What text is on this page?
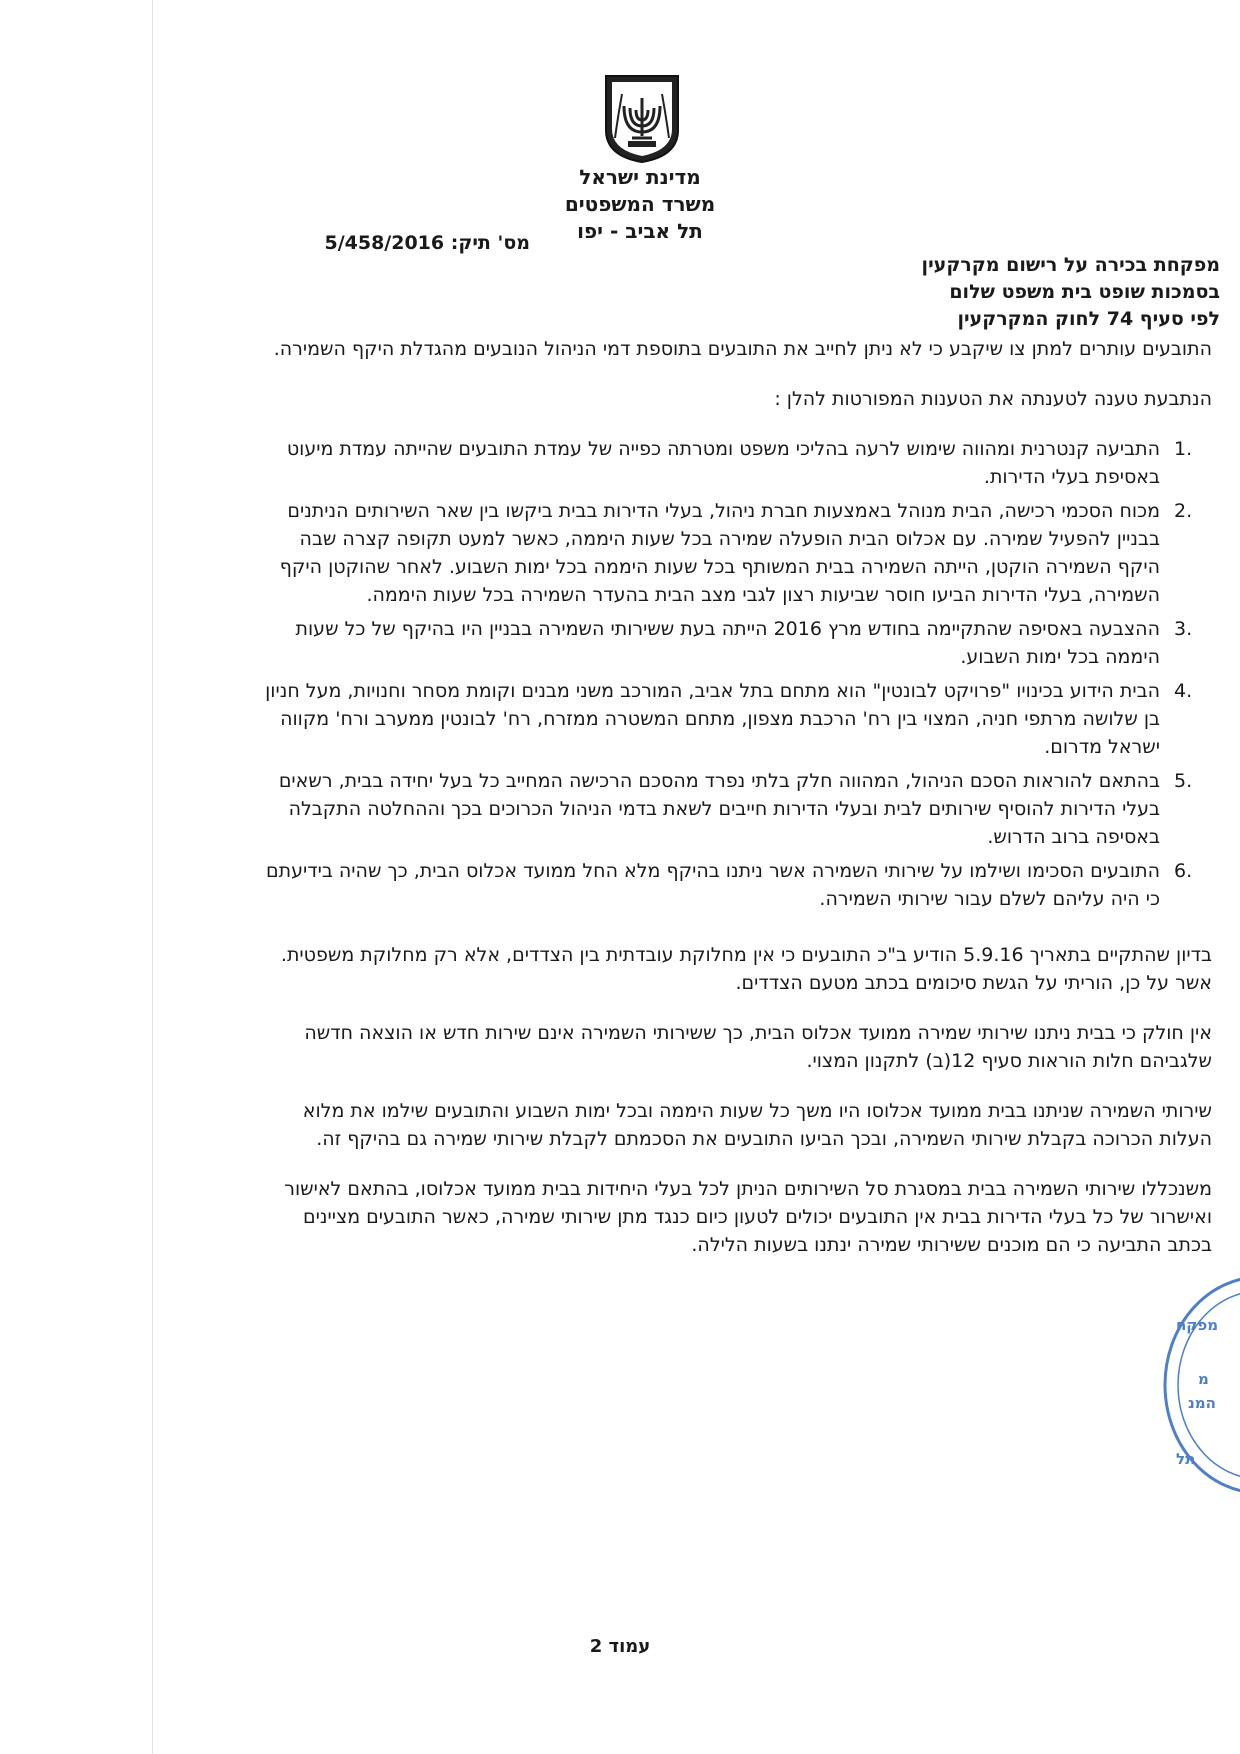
מדינת ישראל
משרד המשפטים
תל אביב - יפו
מס' תיק: 5/458/2016
מפקחת בכירה על רישום מקרקעין
בסמכות שופט בית משפט שלום
לפי סעיף 74 לחוק המקרקעין

התובעים עותרים למתן צו שיקבע כי לא ניתן לחייב את התובעים בתוספת דמי הניהול הנובעים מהגדלת היקף השמירה.

הנתבעת טענה לטענתה את הטענות המפורטות להלן :

1.
התביעה קנטרנית ומהווה שימוש לרעה בהליכי משפט ומטרתה כפייה של עמדת התובעים שהייתה עמדת מיעוט באסיפת בעלי הדירות.
2.
מכוח הסכמי רכישה, הבית מנוהל באמצעות חברת ניהול, בעלי הדירות בבית ביקשו בין שאר השירותים הניתנים בבניין להפעיל שמירה. עם אכלוס הבית הופעלה שמירה בכל שעות היממה, כאשר למעט תקופה קצרה שבה היקף השמירה הוקטן, הייתה השמירה בבית המשותף בכל שעות היממה בכל ימות השבוע. לאחר שהוקטן היקף השמירה, בעלי הדירות הביעו חוסר שביעות רצון לגבי מצב הבית בהעדר השמירה בכל שעות היממה.
3.
ההצבעה באסיפה שהתקיימה בחודש מרץ 2016 הייתה בעת ששירותי השמירה בבניין היו בהיקף של כל שעות היממה בכל ימות השבוע.
4.
הבית הידוע בכינויו "פרויקט לבונטין" הוא מתחם בתל אביב, המורכב משני מבנים וקומת מסחר וחנויות, מעל חניון בן שלושה מרתפי חניה, המצוי בין רח' הרכבת מצפון, מתחם המשטרה ממזרח, רח' לבונטין ממערב ורח' מקווה ישראל מדרום.
5.
בהתאם להוראות הסכם הניהול, המהווה חלק בלתי נפרד מהסכם הרכישה המחייב כל בעל יחידה בבית, רשאים בעלי הדירות להוסיף שירותים לבית ובעלי הדירות חייבים לשאת בדמי הניהול הכרוכים בכך וההחלטה התקבלה באסיפה ברוב הדרוש.
6.
התובעים הסכימו ושילמו על שירותי השמירה אשר ניתנו בהיקף מלא החל ממועד אכלוס הבית, כך שהיה בידיעתם כי היה עליהם לשלם עבור שירותי השמירה.

בדיון שהתקיים בתאריך 5.9.16 הודיע ב"כ התובעים כי אין מחלוקת עובדתית בין הצדדים, אלא רק מחלוקת משפטית.

אשר על כן, הוריתי על הגשת סיכומים בכתב מטעם הצדדים.

אין חולק כי בבית ניתנו שירותי שמירה ממועד אכלוס הבית, כך ששירותי השמירה אינם שירות חדש או הוצאה חדשה שלגביהם חלות הוראות סעיף 12(ב) לתקנון המצוי.

שירותי השמירה שניתנו בבית ממועד אכלוסו היו משך כל שעות היממה ובכל ימות השבוע והתובעים שילמו את מלוא העלות הכרוכה בקבלת שירותי השמירה, ובכך הביעו התובעים את הסכמתם לקבלת שירותי שמירה גם בהיקף זה.

משנכללו שירותי השמירה בבית במסגרת סל השירותים הניתן לכל בעלי היחידות בבית ממועד אכלוסו, בהתאם לאישור ואישרור של כל בעלי הדירות בבית אין התובעים יכולים לטעון כיום כנגד מתן שירותי שמירה, כאשר התובעים מציינים בכתב התביעה כי הם מוכנים ששירותי שמירה ינתנו בשעות הלילה.

עמוד 2
מפקח
מ
המנ
תל
